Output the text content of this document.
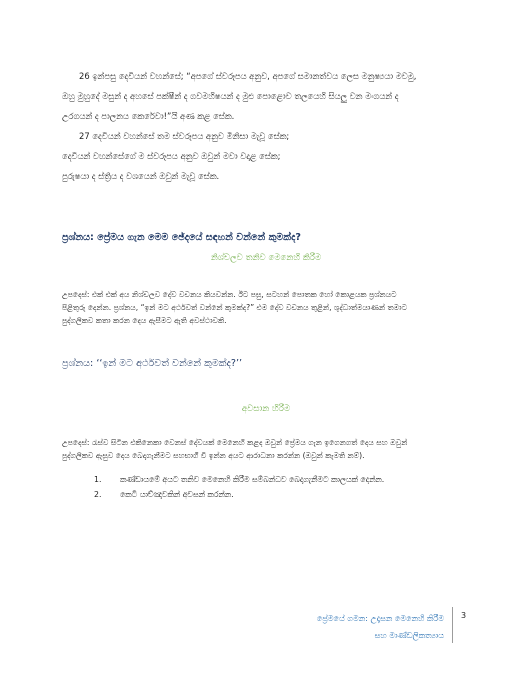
26 ඉන්පසු දෙවියන් වහන්සේ; “අපගේ ස්වරූපය අනුව, අපගේ සමානත්වය ලෙස මනුෂ්‍යයා මවමු,
ඔහු මුහුදේ මසුන් ද අහසේ පක්ෂීන් ද ගවමහිෂයන් ද මුළු පොළොව තලයෙහි සියලු වන මංගයන් ද
උරගයන් ද පාලනය කෙරේවා!”යි අණ කළ සේක.
27 දෙවියන් වහන්සේ තම ස්වරූපය අනුව මිනිසා මැවූ සේක;
දෙවියන් වහන්සේගේ ම ස්වරූපය අනුව ඔවුන් මවා වදාළ සේක;
පුරුෂයා ද ස්ත්‍රිය ද වශයෙන් ඔවුන් මැවූ සේක.
ප්‍රශ්නය: ප්‍රේමය ගැන මෙම ඡේදයේ සඳහන් වන්නේ කුමක්ද?
නිශ්චලව තනිව මෙනෙහි කිරීම
උපදෙස්: එක් එක් අය නිශ්චලව දේව වචනය කියවන්න. ඊට පසු, සටහන් පොතක හෝ කොළයක ප්‍රශ්නයට
පිළිතුරු දෙන්න. ප්‍රශ්නය, “ඉන් මට අර්ථවත් වන්නේ කුමක්ද?” එම දේව වචනය තුළින්, ශුද්ධාත්මයාණන් තමාට
පුද්ගලිකව කතා කරන දෙය ඇසීමට ඇති අවස්ථාවකි.
ප්‍රශ්නය: ‘‘ඉන් මට අර්ථවත් වන්නේ කුමක්ද?’’
අවසාන හිරීම
උපදෙස්: රැස්ව සිටින එකිනෙකා වෙනස් දේවයක් මෙනෙහි කළද ඔවුන් ප්‍රේමය ගැන ඉගෙනගත් දෙය සහ ඔවුන්
පුද්ගලිකව ඇසුව දෙය බෙදාගැනීමට සහභාගී වී ඉන්න අයට ආරාධනා කරන්න (ඔවුන් කැමති නම්).
1. කණ්ඩායමේ අයට තනිව මෙනෙහි කිරීම සම්බන්ධව බෙදාගැනීමට කාලයක් දෙන්න.
2. කෙටි යාච්ඤාවකින් අවසන් කරන්න.
ප්‍රේමයේ ගමන: උදෑසන මෙනෙහි කිරීම
සහ මාණ්ඩලිකත්‍යාය
3
